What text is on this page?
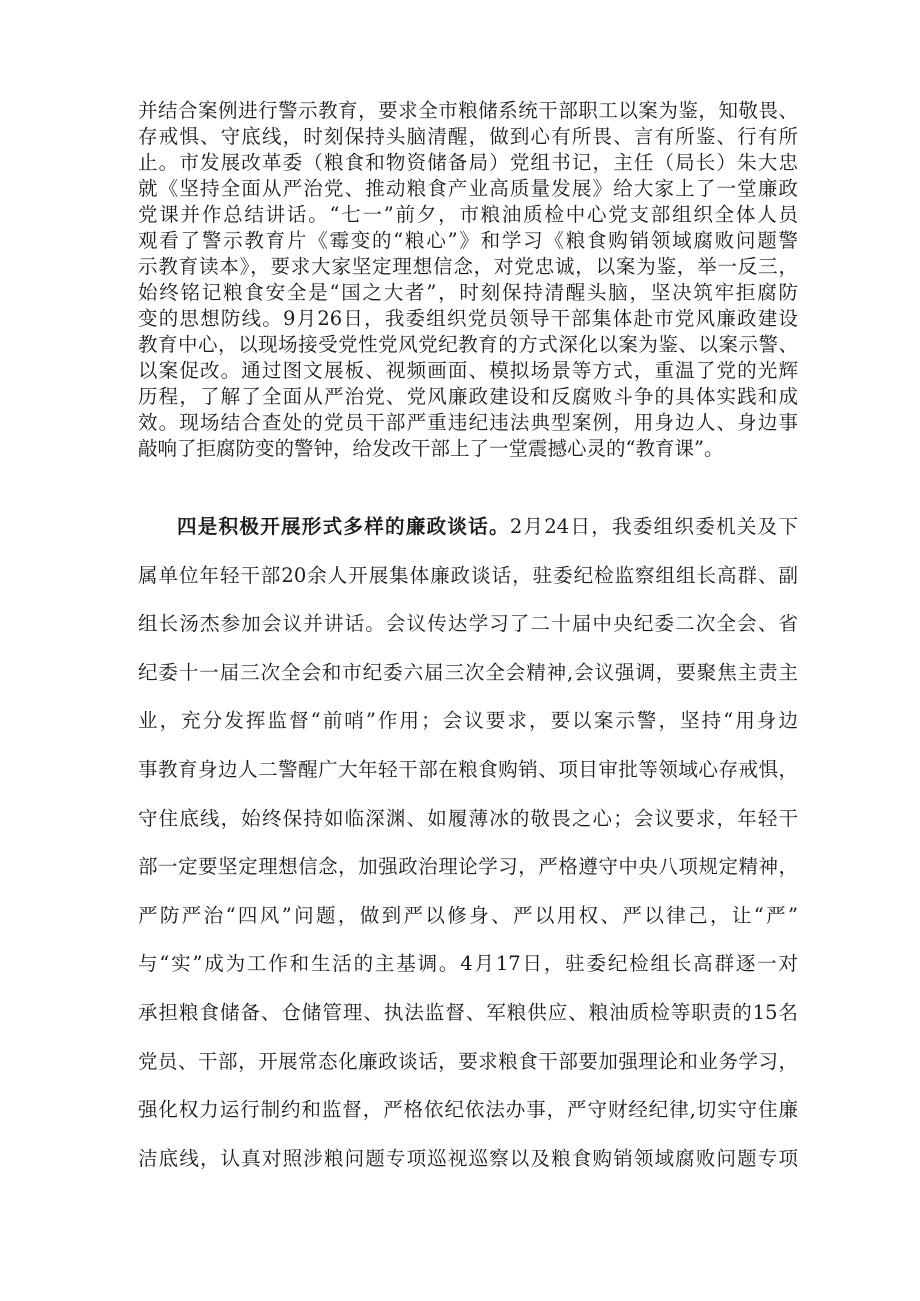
并结合案例进行警示教育，要求全市粮储系统干部职工以案为鉴，知敬畏、
存戒惧、守底线，时刻保持头脑清醒，做到心有所畏、言有所鉴、行有所
止。市发展改革委（粮食和物资储备局）党组书记，主任（局长）朱大忠
就《坚持全面从严治党、推动粮食产业高质量发展》给大家上了一堂廉政
党课并作总结讲话。“七一”前夕，市粮油质检中心党支部组织全体人员
观看了警示教育片《霉变的“粮心”》和学习《粮食购销领域腐败问题警
示教育读本》，要求大家坚定理想信念，对党忠诚，以案为鉴，举一反三，
始终铭记粮食安全是“国之大者”，时刻保持清醒头脑，坚决筑牢拒腐防
变的思想防线。9月26日，我委组织党员领导干部集体赴市党风廉政建设
教育中心，以现场接受党性党风党纪教育的方式深化以案为鉴、以案示警、
以案促改。通过图文展板、视频画面、模拟场景等方式，重温了党的光辉
历程，了解了全面从严治党、党风廉政建设和反腐败斗争的具体实践和成
效。现场结合查处的党员干部严重违纪违法典型案例，用身边人、身边事
敲响了拒腐防变的警钟，给发改干部上了一堂震撼心灵的“教育课”。
四是积极开展形式多样的廉政谈话。2月24日，我委组织委机关及下
属单位年轻干部20余人开展集体廉政谈话，驻委纪检监察组组长高群、副
组长汤杰参加会议并讲话。会议传达学习了二十届中央纪委二次全会、省
纪委十一届三次全会和市纪委六届三次全会精神,会议强调，要聚焦主责主
业，充分发挥监督“前哨”作用；会议要求，要以案示警，坚持“用身边
事教育身边人二警醒广大年轻干部在粮食购销、项目审批等领域心存戒惧，
守住底线，始终保持如临深渊、如履薄冰的敬畏之心；会议要求，年轻干
部一定要坚定理想信念，加强政治理论学习，严格遵守中央八项规定精神，
严防严治“四风”问题，做到严以修身、严以用权、严以律己，让“严”
与“实”成为工作和生活的主基调。4月17日，驻委纪检组长高群逐一对
承担粮食储备、仓储管理、执法监督、军粮供应、粮油质检等职责的15名
党员、干部，开展常态化廉政谈话，要求粮食干部要加强理论和业务学习，
强化权力运行制约和监督，严格依纪依法办事，严守财经纪律,切实守住廉
洁底线，认真对照涉粮问题专项巡视巡察以及粮食购销领域腐败问题专项
